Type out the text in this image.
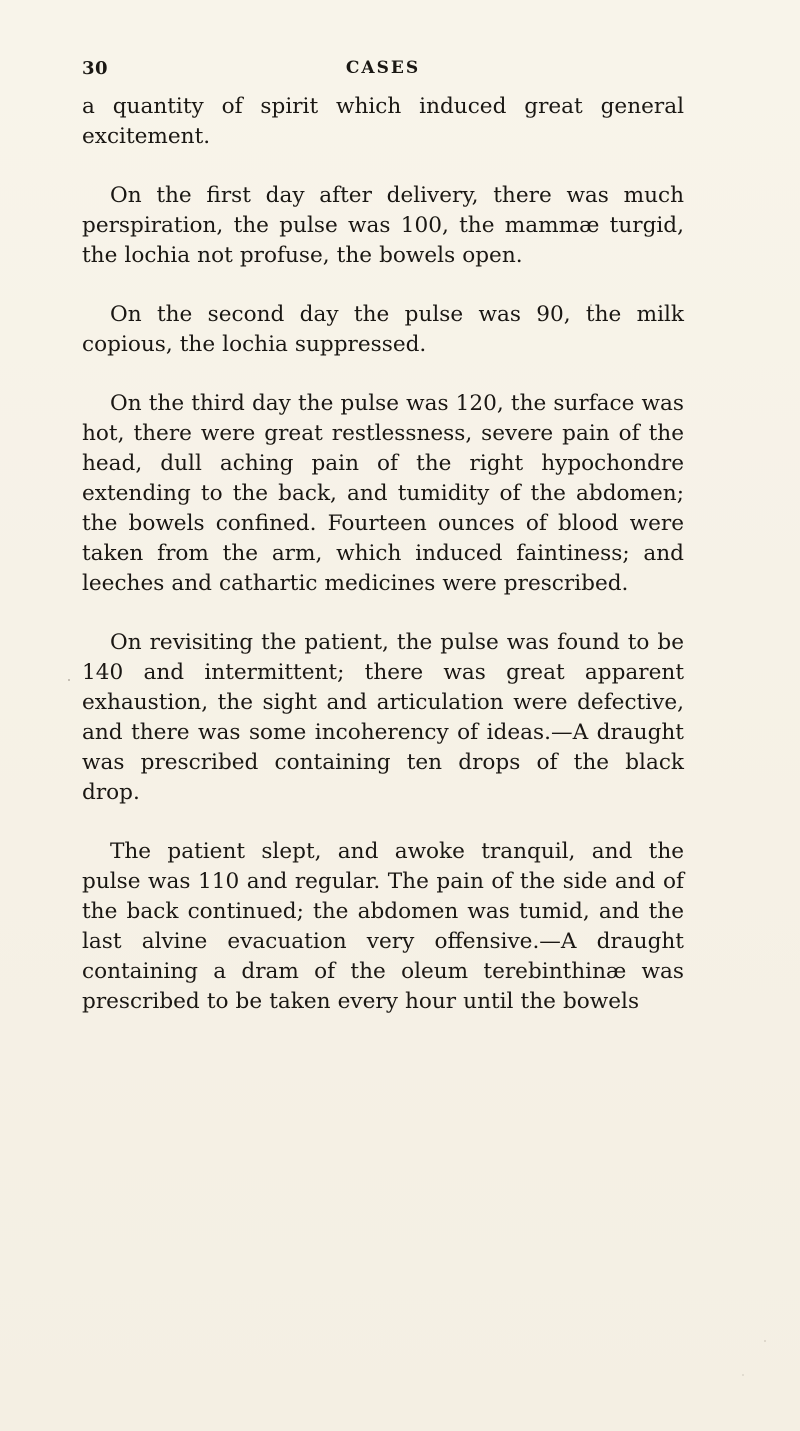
30	CASES

a quantity of spirit which induced great general excitement.

On the first day after delivery, there was much perspiration, the pulse was 100, the mammæ turgid, the lochia not profuse, the bowels open.

On the second day the pulse was 90, the milk copious, the lochia suppressed.

On the third day the pulse was 120, the surface was hot, there were great restlessness, severe pain of the head, dull aching pain of the right hypochondre extending to the back, and tumidity of the abdomen; the bowels confined. Fourteen ounces of blood were taken from the arm, which induced faintiness; and leeches and cathartic medicines were prescribed.

On revisiting the patient, the pulse was found to be 140 and intermittent; there was great apparent exhaustion, the sight and articulation were defective, and there was some incoherency of ideas.—A draught was prescribed containing ten drops of the black drop.

The patient slept, and awoke tranquil, and the pulse was 110 and regular. The pain of the side and of the back continued; the abdomen was tumid, and the last alvine evacuation very offensive.—A draught containing a dram of the oleum terebinthinæ was prescribed to be taken every hour until the bowels
